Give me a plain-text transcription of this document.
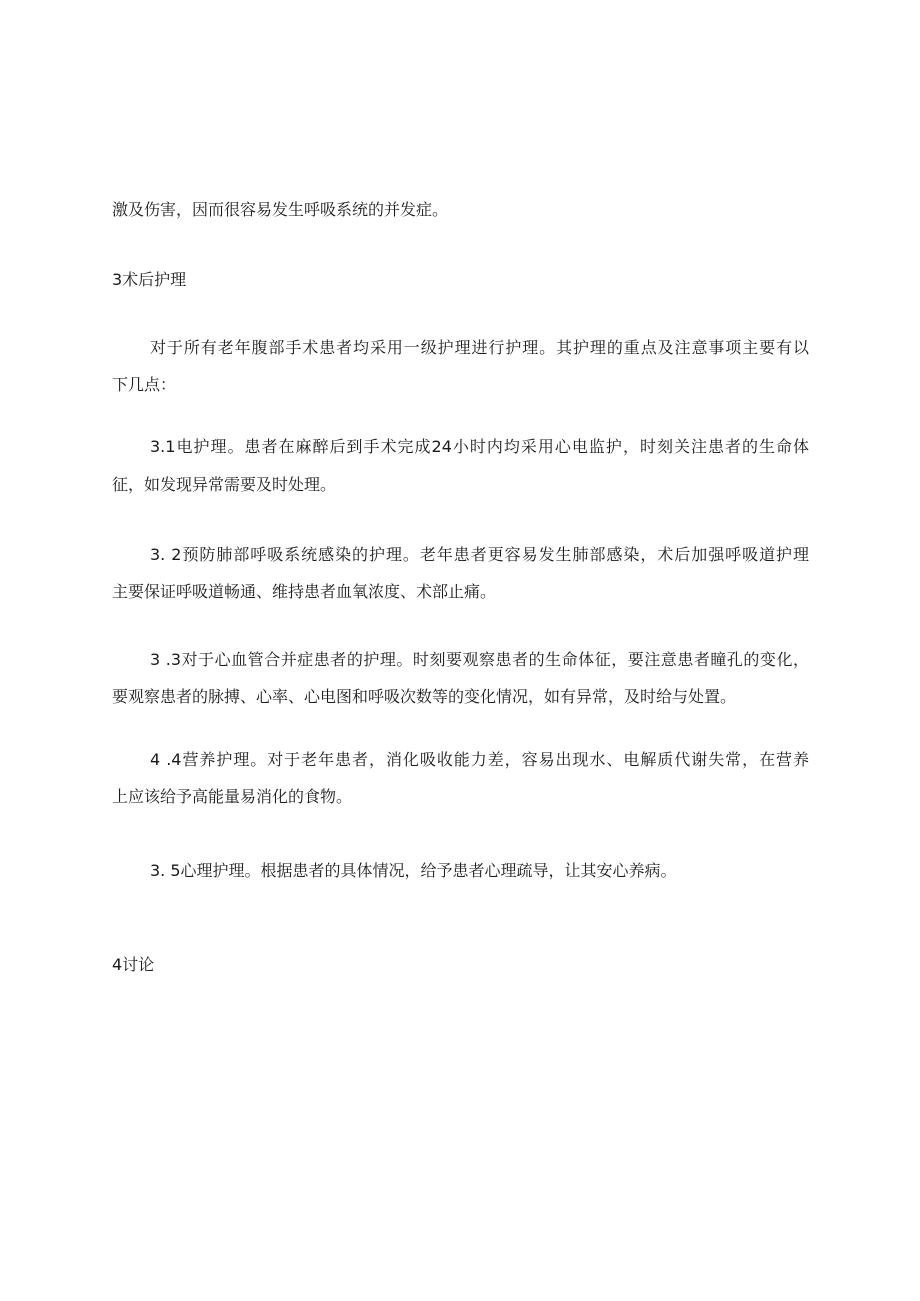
激及伤害，因而很容易发生呼吸系统的并发症。
3术后护理
对于所有老年腹部手术患者均采用一级护理进行护理。其护理的重点及注意事项主要有以
下几点：
3.1电护理。患者在麻醉后到手术完成24小时内均采用心电监护，时刻关注患者的生命体
征，如发现异常需要及时处理。
3. 2预防肺部呼吸系统感染的护理。老年患者更容易发生肺部感染，术后加强呼吸道护理
主要保证呼吸道畅通、维持患者血氧浓度、术部止痛。
3 .3对于心血管合并症患者的护理。时刻要观察患者的生命体征，要注意患者瞳孔的变化，
要观察患者的脉搏、心率、心电图和呼吸次数等的变化情况，如有异常，及时给与处置。
4 .4营养护理。对于老年患者，消化吸收能力差，容易出现水、电解质代谢失常，在营养
上应该给予高能量易消化的食物。
3. 5心理护理。根据患者的具体情况，给予患者心理疏导，让其安心养病。
4讨论
